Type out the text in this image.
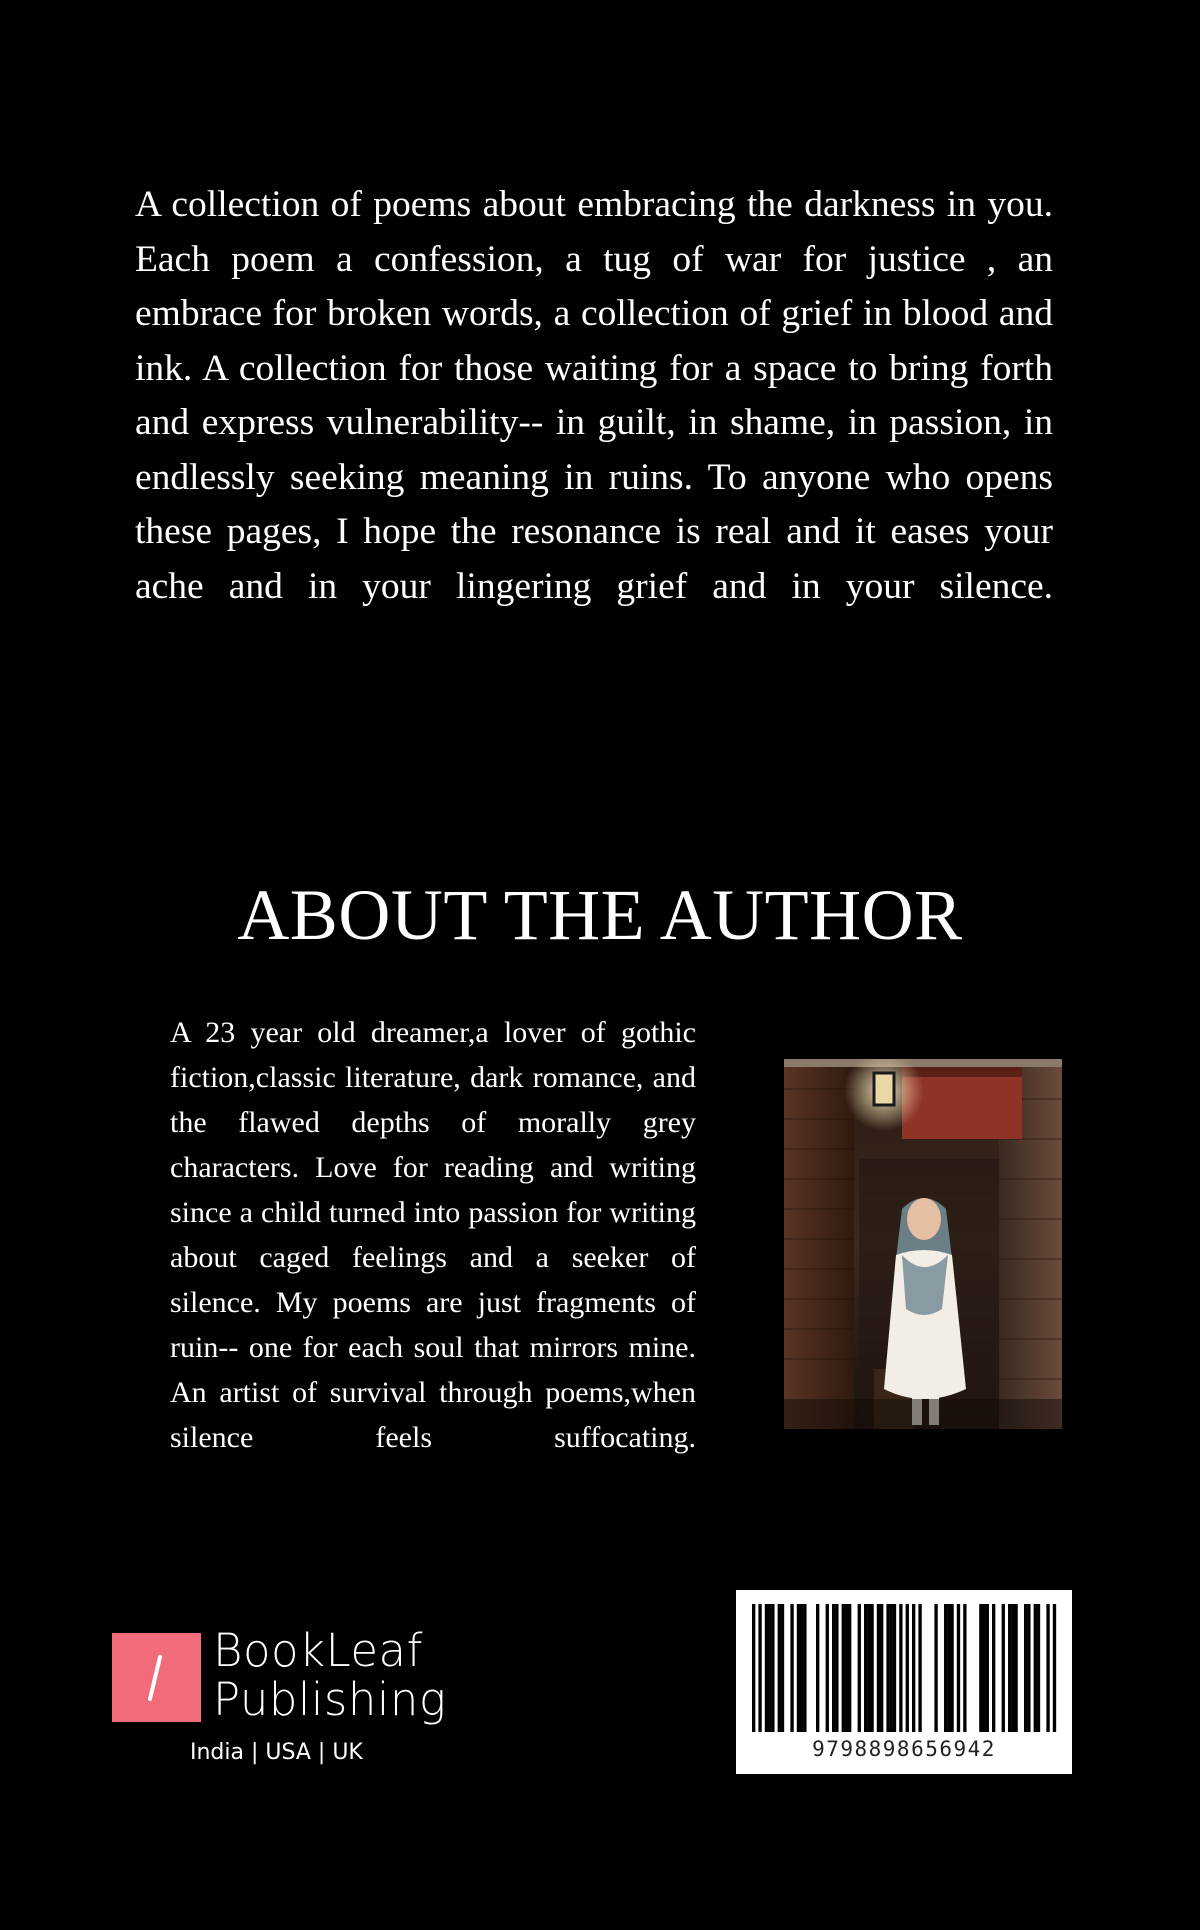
A collection of poems about embracing the darkness in you. Each poem a confession, a tug of war for justice , an embrace for broken words, a collection of grief in blood and ink. A collection for those waiting for a space to bring forth and express vulnerability-- in guilt, in shame, in passion, in endlessly seeking meaning in ruins. To anyone who opens these pages, I hope the resonance is real and it eases your ache and in your lingering grief and in your silence.

ABOUT THE AUTHOR

A 23 year old dreamer,a lover of gothic fiction,classic literature, dark romance, and the flawed depths of morally grey characters. Love for reading and writing since a child turned into passion for writing about caged feelings and a seeker of silence. My poems are just fragments of ruin-- one for each soul that mirrors mine. An artist of survival through poems,when silence feels suffocating.

BookLeaf
Publishing
India | USA | UK	9798898656942
